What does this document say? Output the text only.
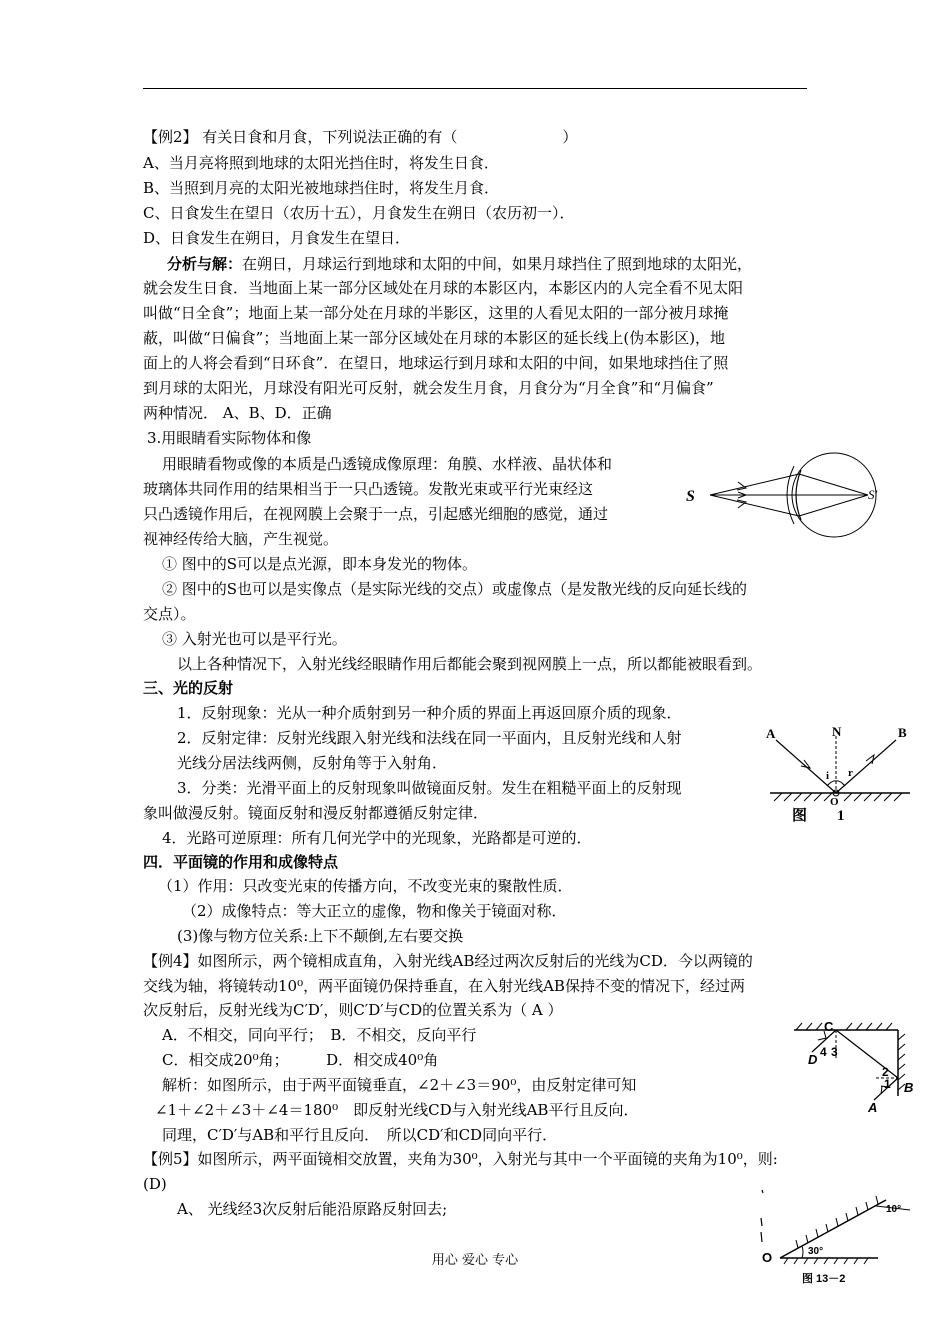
【例2】 有关日食和月食，下列说法正确的有（　　　　　　　）
A、当月亮将照到地球的太阳光挡住时，将发生日食．
B、当照到月亮的太阳光被地球挡住时，将发生月食．
C、日食发生在望日（农历十五），月食发生在朔日（农历初一）．
D、日食发生在朔日，月食发生在望日．
分析与解：在朔日，月球运行到地球和太阳的中间，如果月球挡住了照到地球的太阳光，
就会发生日食．当地面上某一部分区域处在月球的本影区内，本影区内的人完全看不见太阳
叫做“日全食”；地面上某一部分处在月球的半影区，这里的人看见太阳的一部分被月球掩
蔽，叫做“日偏食”；当地面上某一部分区域处在月球的本影区的延长线上(伪本影区)，地
面上的人将会看到“日环食”．在望日，地球运行到月球和太阳的中间，如果地球挡住了照
到月球的太阳光，月球没有阳光可反射，就会发生月食，月食分为“月全食”和“月偏食”
两种情况． A、B、D．正确
3.用眼睛看实际物体和像
用眼睛看物或像的本质是凸透镜成像原理：角膜、水样液、晶状体和
玻璃体共同作用的结果相当于一只凸透镜。发散光束或平行光束经这
只凸透镜作用后，在视网膜上会聚于一点，引起感光细胞的感觉，通过
视神经传给大脑，产生视觉。
S	S′
① 图中的S可以是点光源，即本身发光的物体。
② 图中的S也可以是实像点（是实际光线的交点）或虚像点（是发散光线的反向延长线的
交点）。
③ 入射光也可以是平行光。
以上各种情况下，入射光线经眼睛作用后都能会聚到视网膜上一点，所以都能被眼看到。
三、光的反射
1．反射现象：光从一种介质射到另一种介质的界面上再返回原介质的现象．
2．反射定律：反射光线跟入射光线和法线在同一平面内，且反射光线和人射
光线分居法线两侧，反射角等于入射角．
3．分类：光滑平面上的反射现象叫做镜面反射。发生在粗糙平面上的反射现
象叫做漫反射。镜面反射和漫反射都遵循反射定律．
4．光路可逆原理：所有几何光学中的光现象，光路都是可逆的．
A	N	B
i r
O
图　　1
四．平面镜的作用和成像特点
（1）作用：只改变光束的传播方向，不改变光束的聚散性质．
（2）成像特点：等大正立的虚像，物和像关于镜面对称．
(3)像与物方位关系:上下不颠倒,左右要交换
【例4】如图所示，两个镜相成直角，入射光线AB经过两次反射后的光线为CD．今以两镜的
交线为轴，将镜转动10⁰，两平面镜仍保持垂直，在入射光线AB保持不变的情况下，经过两
次反射后，反射光线为C′D′，则C′D′与CD的位置关系为（ A ）
A．不相交，同向平行；　B．不相交，反向平行
C．相交成20⁰角；　　　D．相交成40⁰角
解析：如图所示，由于两平面镜垂直，∠2＋∠3＝90⁰，由反射定律可知
∠1＋∠2＋∠3＋∠4＝180⁰　即反射光线CD与入射光线AB平行且反向．
同理，C′D′与AB和平行且反向．　所以CD′和CD同向平行．
C
D 4 3
2
1 B
A
【例5】如图所示，两平面镜相交放置，夹角为30⁰，入射光与其中一个平面镜的夹角为10⁰，则:
(D)
A、 光线经3次反射后能沿原路反射回去;	10°
30°
O
图 13－2
用心 爱心 专心
